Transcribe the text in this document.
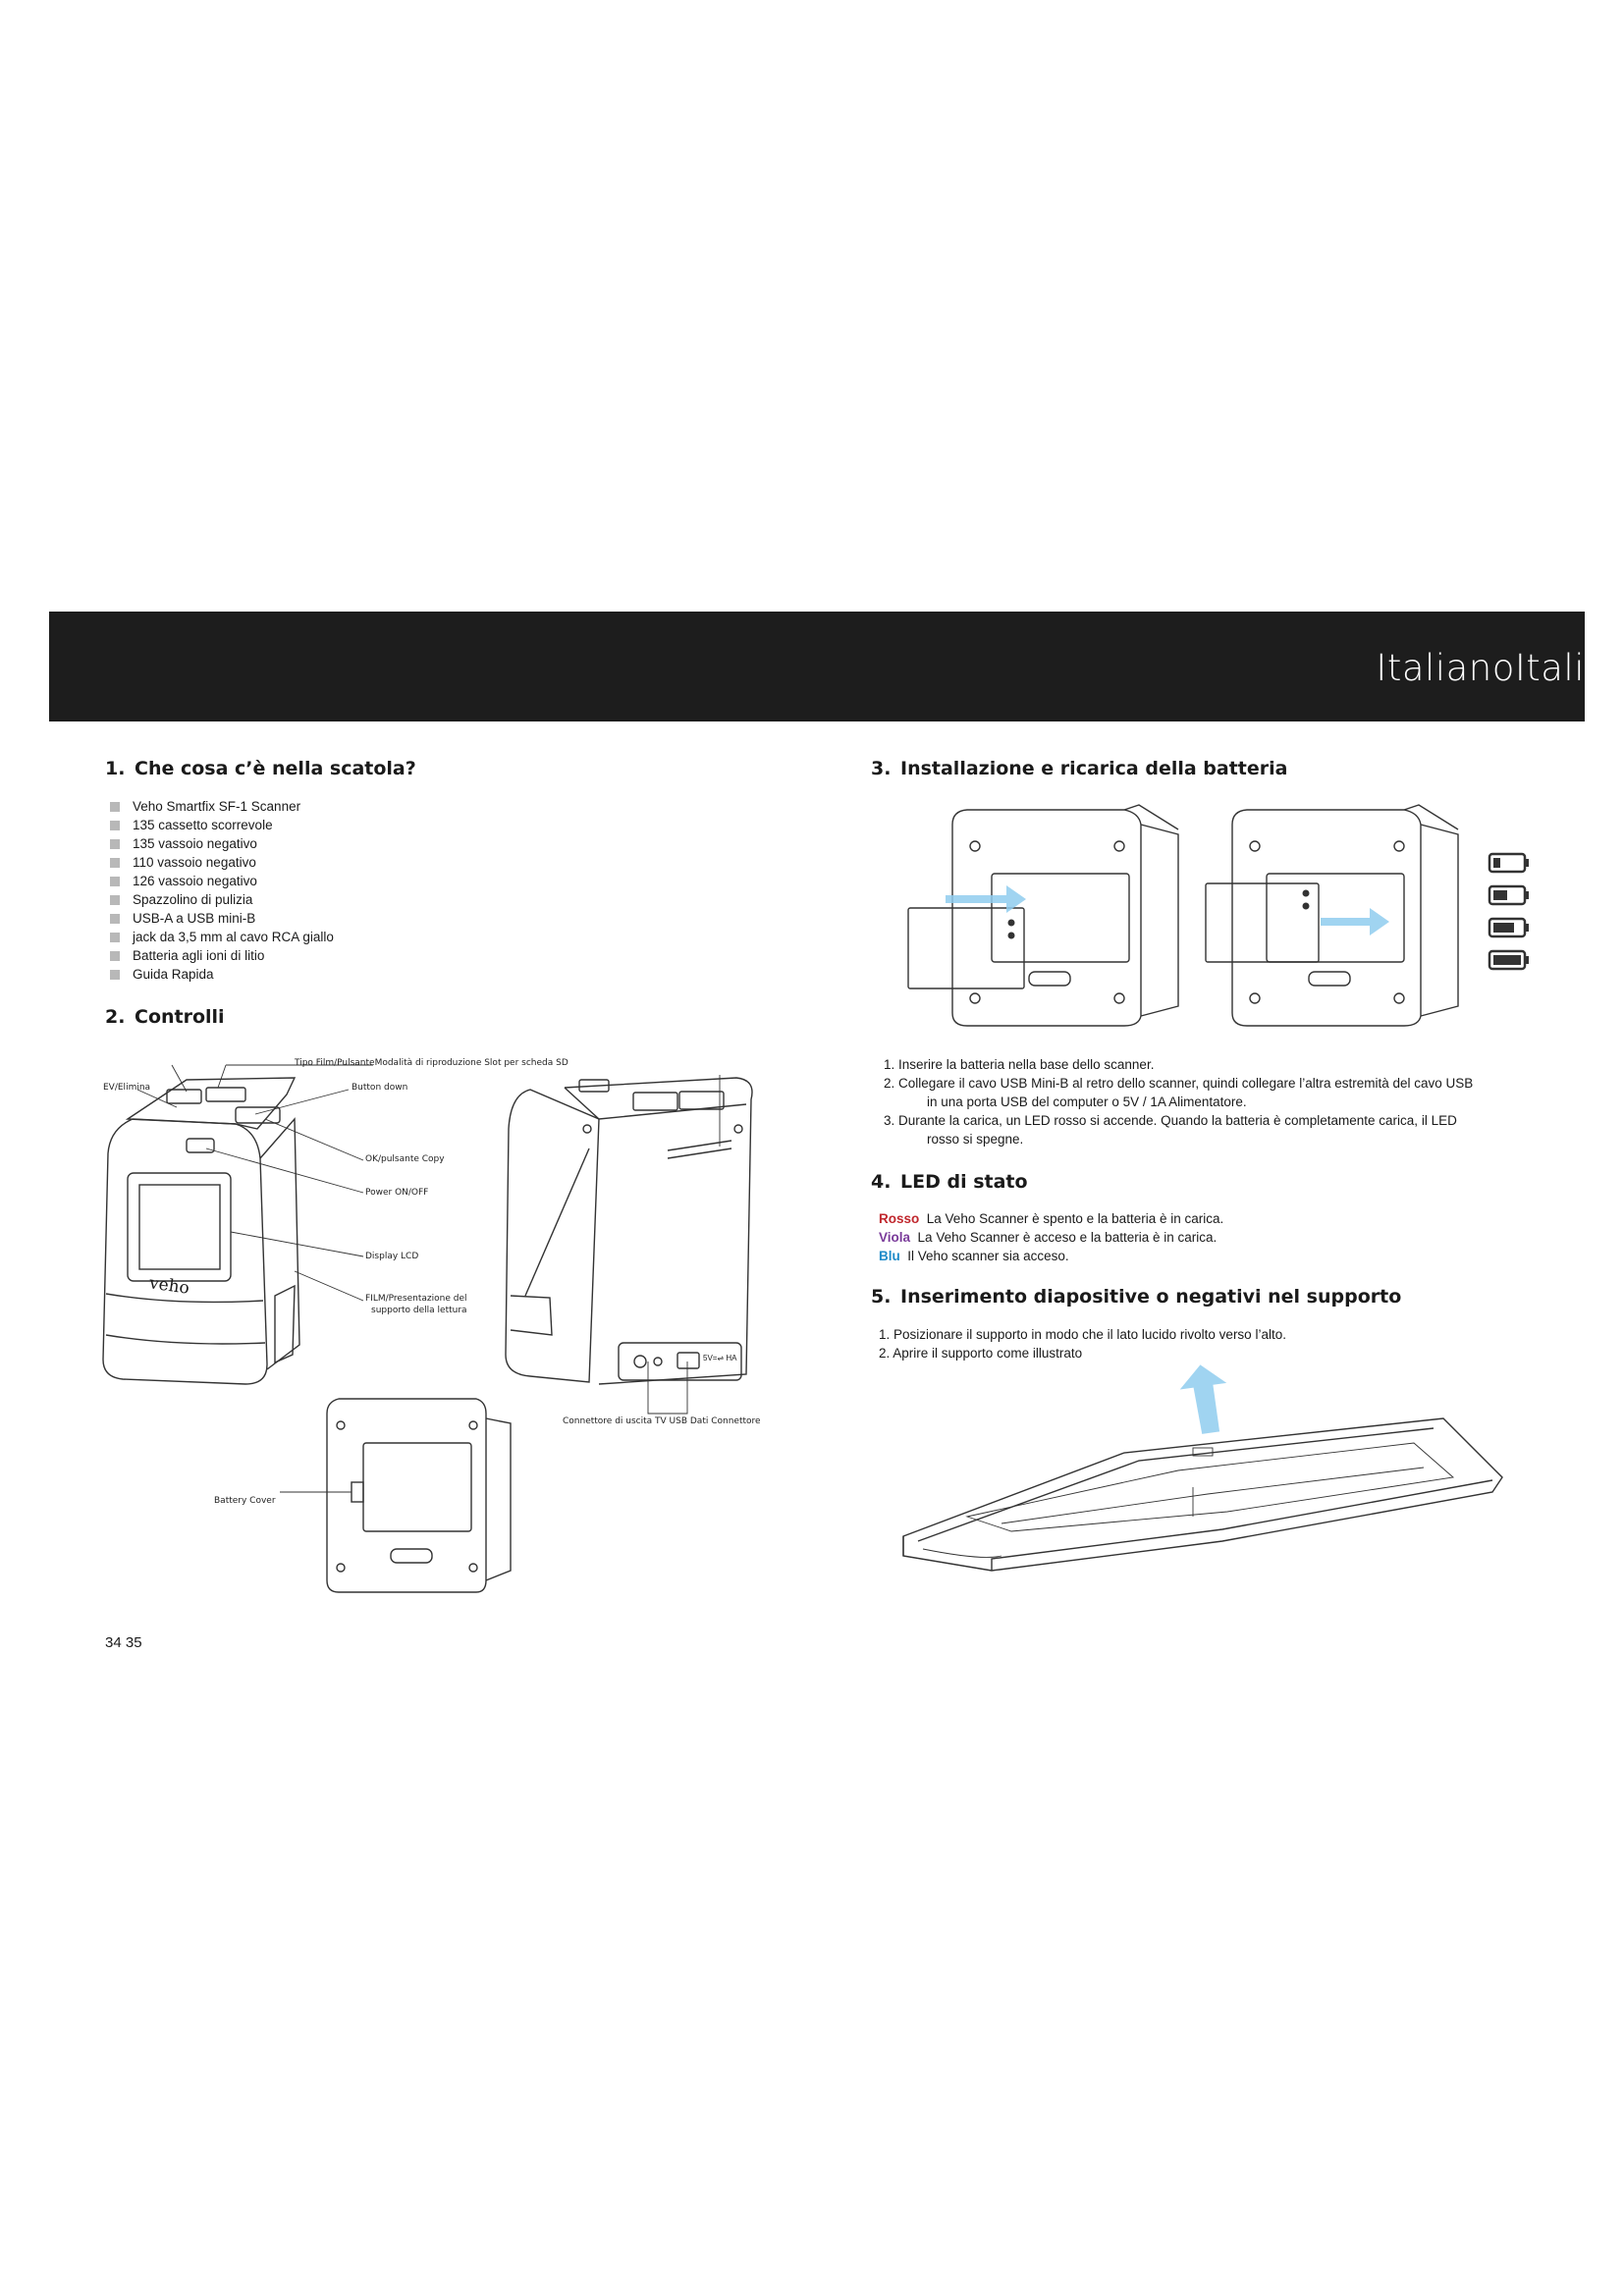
ItalianoItali
1. Che cosa c’è nella scatola?
Veho Smartfix SF-1 Scanner
135 cassetto scorrevole
135 vassoio negativo
110 vassoio negativo
126 vassoio negativo
Spazzolino di pulizia
USB-A a USB mini-B
jack da 3,5 mm al cavo RCA giallo
Batteria agli ioni di litio
Guida Rapida
2. Controlli
Tipo Film/PulsanteModalità di riproduzione Slot per scheda SD
EV/Elimina	Button down
OK/pulsante Copy
Power ON/OFF
Display LCD
FILM/Presentazione del
supporto della lettura
Connettore di uscita TV USB Dati Connettore
Battery Cover
veho
5V=⇌ HA
3. Installazione e ricarica della batteria
1. Inserire la batteria nella base dello scanner.
2. Collegare il cavo USB Mini-B al retro dello scanner, quindi collegare l’altra estremità del cavo USB
in una porta USB del computer o 5V / 1A Alimentatore.
3. Durante la carica, un LED rosso si accende. Quando la batteria è completamente carica, il LED
rosso si spegne.
4. LED di stato
Rosso La Veho Scanner è spento e la batteria è in carica.
Viola La Veho Scanner è acceso e la batteria è in carica.
Blu Il Veho scanner sia acceso.
5. Inserimento diapositive o negativi nel supporto
1. Posizionare il supporto in modo che il lato lucido rivolto verso l’alto.
2. Aprire il supporto come illustrato
34 35
